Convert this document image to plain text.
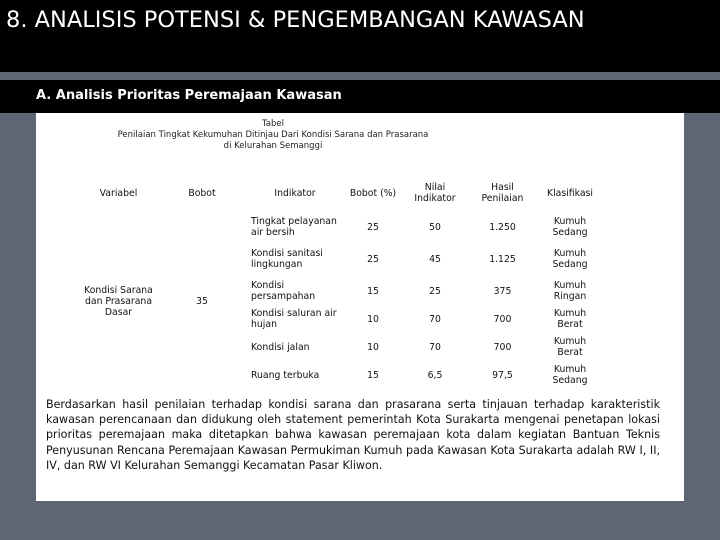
8. ANALISIS POTENSI & PENGEMBANGAN KAWASAN
A. Analisis Prioritas Peremajaan Kawasan
Tabel
Penilaian Tingkat Kekumuhan Ditinjau Dari Kondisi Sarana dan Prasarana
di Kelurahan Semanggi
Variabel	Bobot	Indikator	Bobot (%)	Nilai Indikator	Hasil Penilaian	Klasifikasi
Kondisi Sarana dan Prasarana Dasar	35	Tingkat pelayanan air bersih	25	50	1.250	Kumuh Sedang
		Kondisi sanitasi lingkungan	25	45	1.125	Kumuh Sedang
		Kondisi persampahan	15	25	375	Kumuh Ringan
		Kondisi saluran air hujan	10	70	700	Kumuh Berat
		Kondisi jalan	10	70	700	Kumuh Berat
		Ruang terbuka	15	6,5	97,5	Kumuh Sedang

Berdasarkan hasil penilaian terhadap kondisi sarana dan prasarana serta tinjauan terhadap karakteristik kawasan perencanaan dan didukung oleh statement pemerintah Kota Surakarta mengenai penetapan lokasi prioritas peremajaan maka ditetapkan bahwa kawasan peremajaan kota dalam kegiatan Bantuan Teknis Penyusunan Rencana Peremajaan Kawasan Permukiman Kumuh pada Kawasan Kota Surakarta adalah RW I, II, IV, dan RW VI Kelurahan Semanggi Kecamatan Pasar Kliwon.
